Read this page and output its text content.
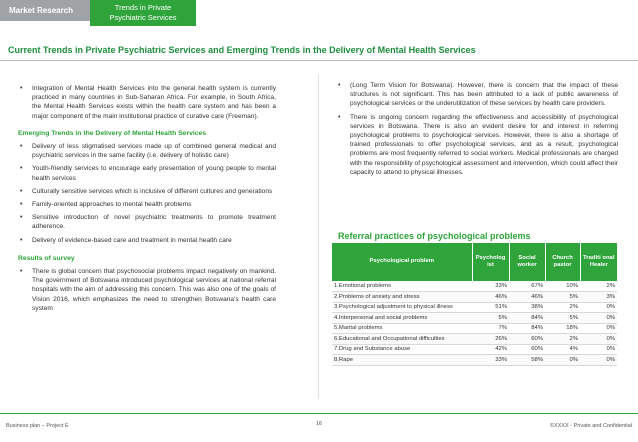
Market Research	Trends in Private
Psychiatric Services
Current Trends in Private Psychiatric Services and Emerging Trends in the Delivery of Mental Health Services
• Integration of Mental Health Services into the general health system is currently practiced in many countries in Sub-Saharan Africa. For example, in South Africa, the Mental Health Services exists within the health care system and has been a major component of the main institutional practice of curative care (Freeman).
Emerging Trends in the Delivery of Mental Health Services
• Delivery of less stigmatised services made up of combined general medical and psychiatric services in the same facility (i.e. delivery of holistic care)
• Youth-friendly services to encourage early presentation of young people to mental health services
• Culturally sensitive services which is inclusive of different cultures and generations
• Family-oriented approaches to mental health problems
• Sensitive introduction of novel psychiatric treatments to promote treatment adherence.
• Delivery of evidence-based care and treatment in mental health care
Results of survey
• There is global concern that psychosocial problems impact negatively on mankind. The government of Botswana introduced psychological services at national referral hospitals with the aim of addressing this concern. This was also one of the goals of Vision 2016, which emphasizes the need to strengthen Botswana's health care system
• (Long Term Vision for Botswana). However, there is concern that the impact of these structures is not significant. This has been attributed to a lack of public awareness of psychological services or the underutilization of these services by health care providers.
• There is ongoing concern regarding the effectiveness and accessibility of psychological services in Botswana. There is also an evident desire for and interest in referring psychological problems to psychological services. However, there is also a shortage of trained professionals to offer psychological services, and as a result, psychological problems are most frequently referred to social workers. Medical professionals are charged with the responsibility of psychological assessment and intervention, which could affect their capacity to attend to physical illnesses.
Referral practices of psychological problems
Psychological problem	Psycholog ist	Social worker	Church pastor	Traditi onal Healer
1.Emotional problems	33%	67%	10%	2%
2.Problems of anxiety and stress	46%	46%	5%	3%
3.Psychological adjustment to physical illness	51%	38%	2%	0%
4.Interpersonal and social problems	5%	84%	5%	0%
5.Marital problems	7%	84%	18%	0%
6.Educational and Occupational difficulties	26%	60%	2%	0%
7.Drug and Substance abuse	42%	60%	4%	0%
8.Rape	33%	58%	0%	0%
Business plan – Project E	16	©XXXX - Private and Confidential
